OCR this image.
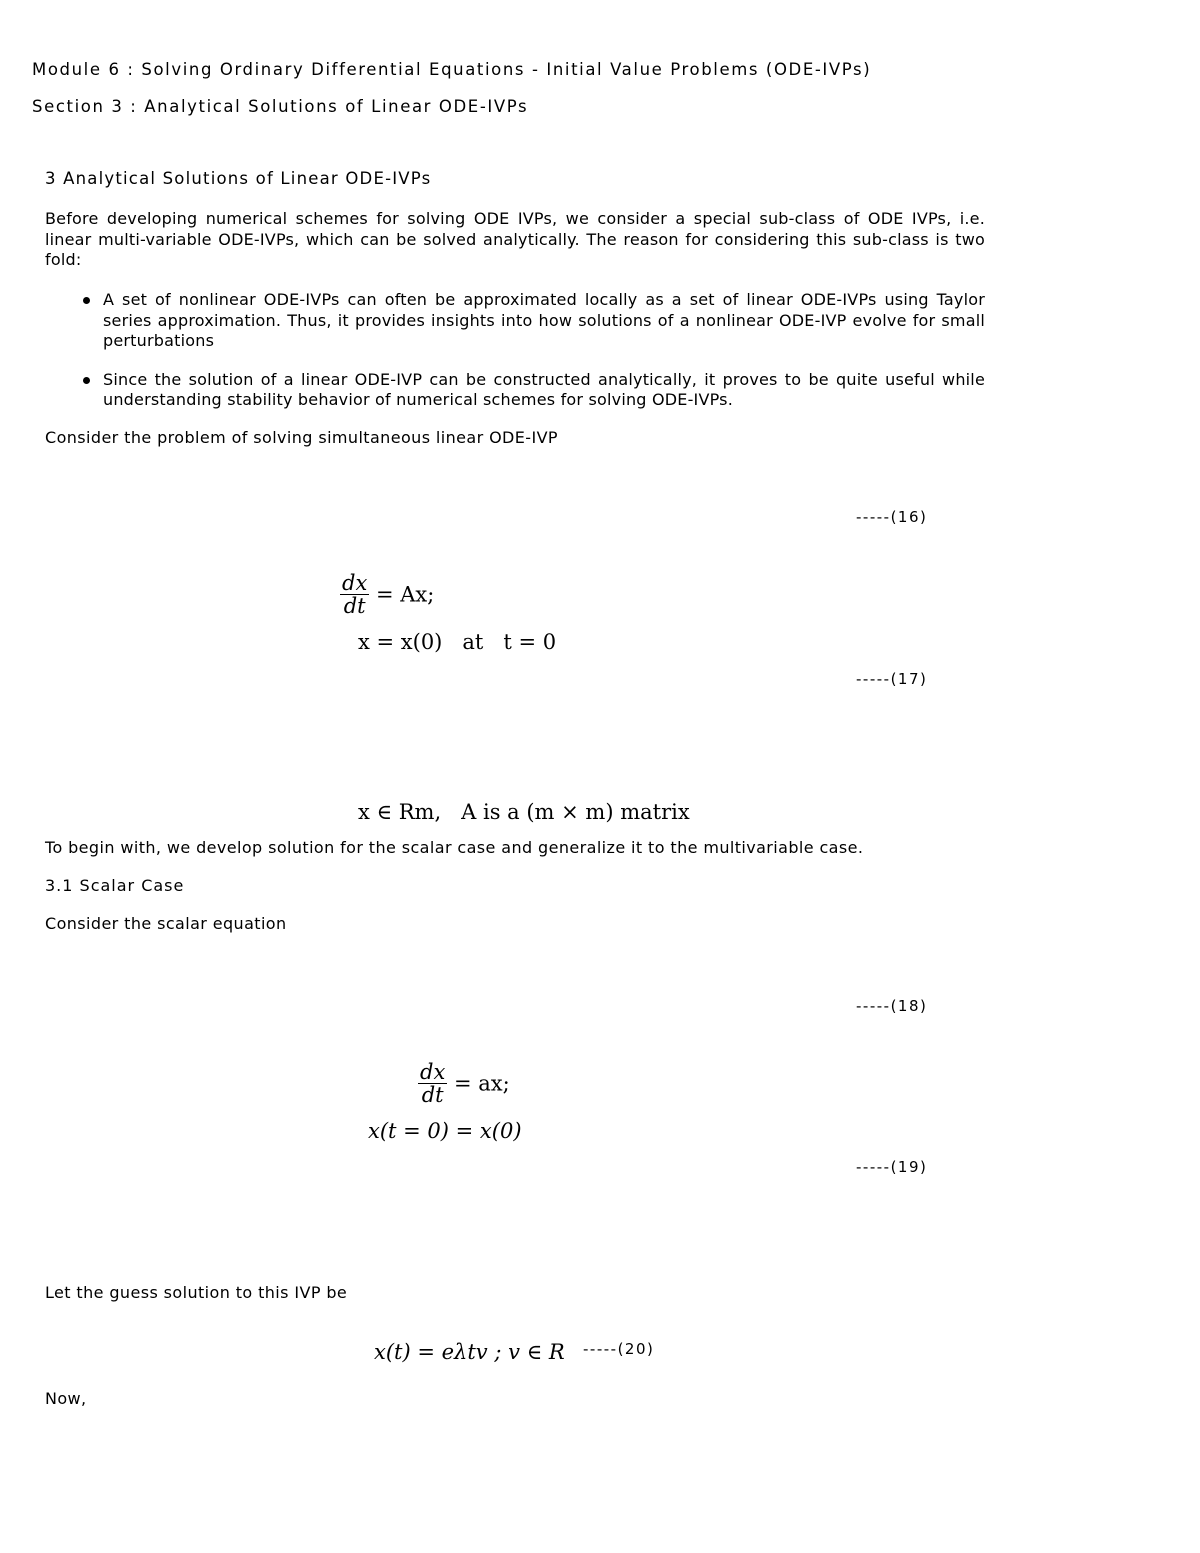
Module 6 : Solving Ordinary Differential Equations - Initial Value Problems (ODE-IVPs)
Section 3 : Analytical Solutions of Linear ODE-IVPs
3 Analytical Solutions of Linear ODE-IVPs
Before developing numerical schemes for solving ODE IVPs, we consider a special sub-class of ODE IVPs, i.e. linear multi-variable ODE-IVPs, which can be solved analytically. The reason for considering this sub-class is two fold:
A set of nonlinear ODE-IVPs can often be approximated locally as a set of linear ODE-IVPs using Taylor series approximation. Thus, it provides insights into how solutions of a nonlinear ODE-IVP evolve for small perturbations
Since the solution of a linear ODE-IVP can be constructed analytically, it proves to be quite useful while understanding stability behavior of numerical schemes for solving ODE-IVPs.
Consider the problem of solving simultaneous linear ODE-IVP
-----(16)
$\frac{dx}{dt} = Ax$;
x = x(0)   at   t = 0
-----(17)
x ∈ Rm,   A is a (m × m) matrix
To begin with, we develop solution for the scalar case and generalize it to the multivariable case.
3.1 Scalar Case
Consider the scalar equation
-----(18)
$\frac{dx}{dt}$ = ax;
x(t = 0) = x(0)
-----(19)
Let the guess solution to this IVP be
x(t) = eλtv ; v ∈ R -----(20)
Now,
